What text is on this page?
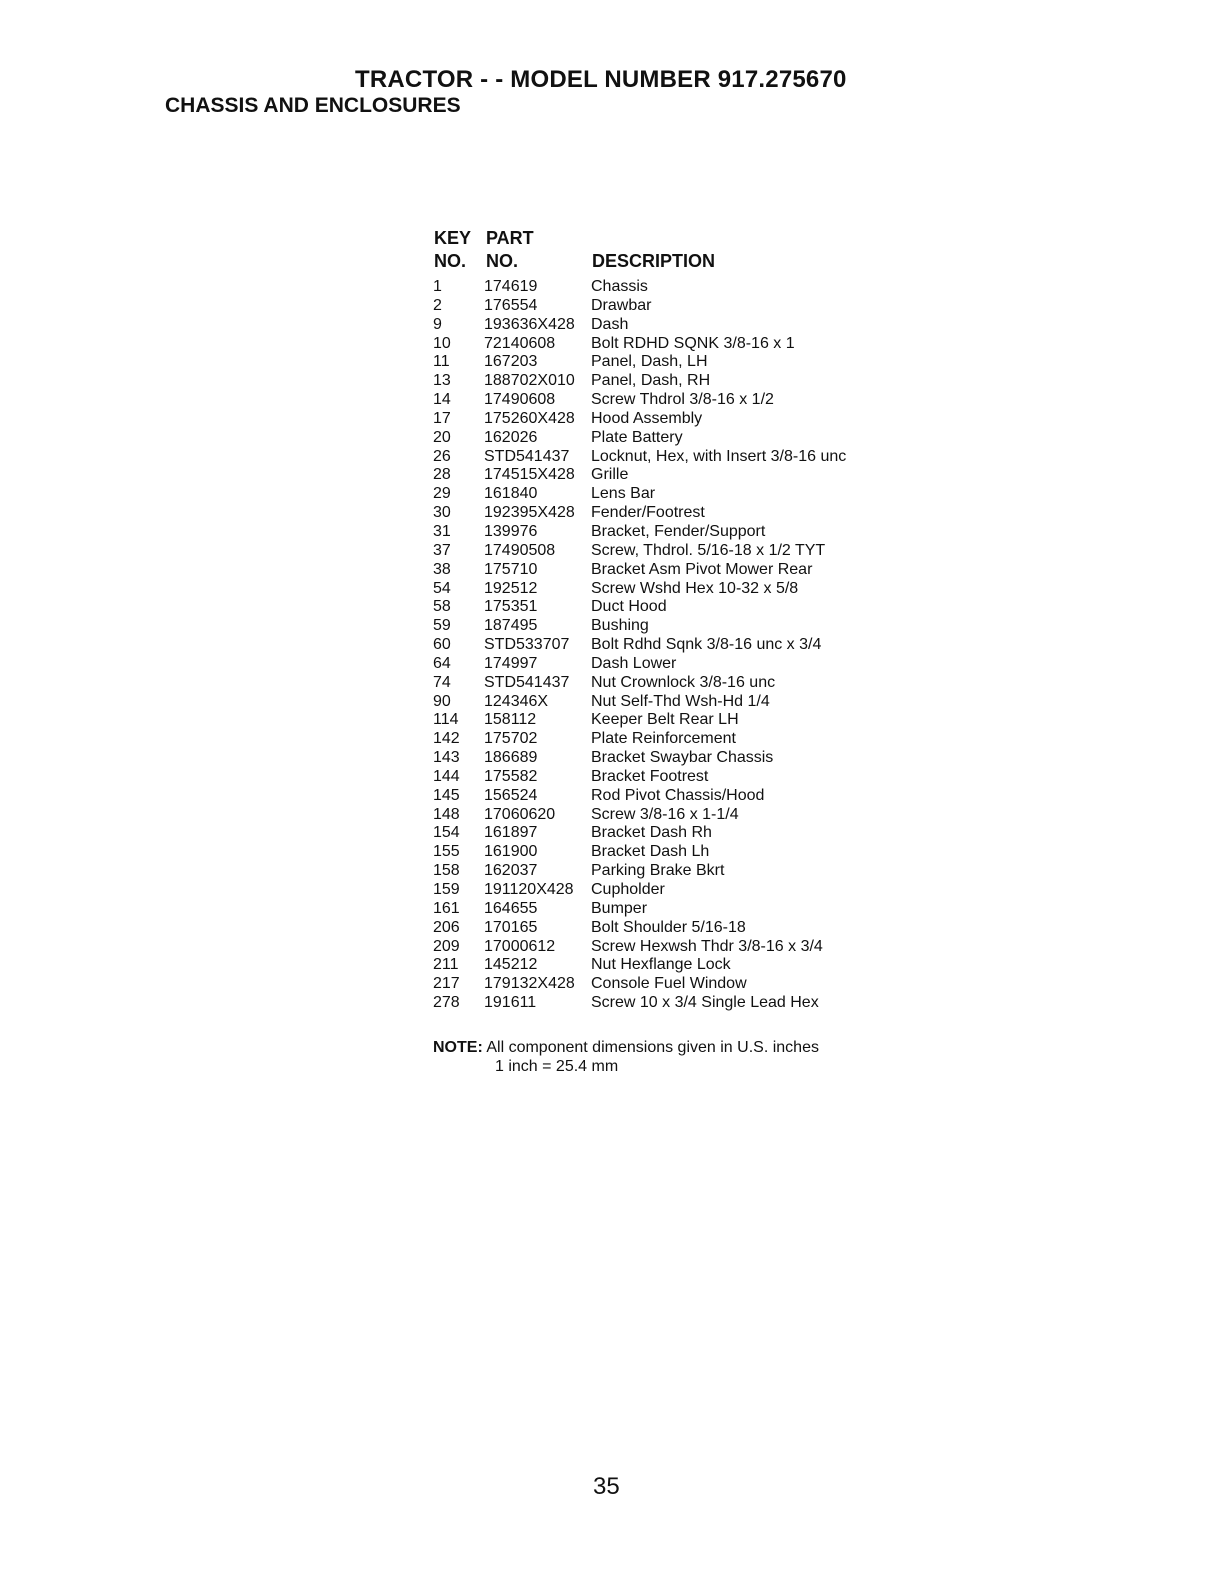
TRACTOR - - MODEL NUMBER 917.275670
CHASSIS AND ENCLOSURES
KEY PART
NO. NO.	DESCRIPTION
1	174619	Chassis
2	176554	Drawbar
9	193636X428 Dash
10 72140608 Bolt RDHD SQNK 3/8-16 x 1
11 167203	Panel, Dash, LH
13 188702X010 Panel, Dash, RH
14 17490608 Screw Thdrol 3/8-16 x 1/2
17 175260X428 Hood Assembly
20 162026	Plate Battery
26 STD541437 Locknut, Hex, with Insert 3/8-16 unc
28 174515X428 Grille
29 161840	Lens Bar
30 192395X428 Fender/Footrest
31 139976	Bracket, Fender/Support
37 17490508 Screw, Thdrol. 5/16-18 x 1/2 TYT
38 175710	Bracket Asm Pivot Mower Rear
54 192512	Screw Wshd Hex 10-32 x 5/8
58 175351	Duct Hood
59 187495	Bushing
60 STD533707 Bolt Rdhd Sqnk 3/8-16 unc x 3/4
64 174997	Dash Lower
74 STD541437 Nut Crownlock 3/8-16 unc
90 124346X	Nut Self-Thd Wsh-Hd 1/4
114 158112	Keeper Belt Rear LH
142 175702	Plate Reinforcement
143 186689	Bracket Swaybar Chassis
144 175582	Bracket Footrest
145 156524	Rod Pivot Chassis/Hood
148 17060620 Screw 3/8-16 x 1-1/4
154 161897	Bracket Dash Rh
155 161900	Bracket Dash Lh
158 162037	Parking Brake Bkrt
159 191120X428 Cupholder
161 164655	Bumper
206 170165	Bolt Shoulder 5/16-18
209 17000612 Screw Hexwsh Thdr 3/8-16 x 3/4
211 145212	Nut Hexflange Lock
217 179132X428 Console Fuel Window
278 191611	Screw 10 x 3/4 Single Lead Hex
NOTE: All component dimensions given in U.S. inches
1 inch = 25.4 mm
35
